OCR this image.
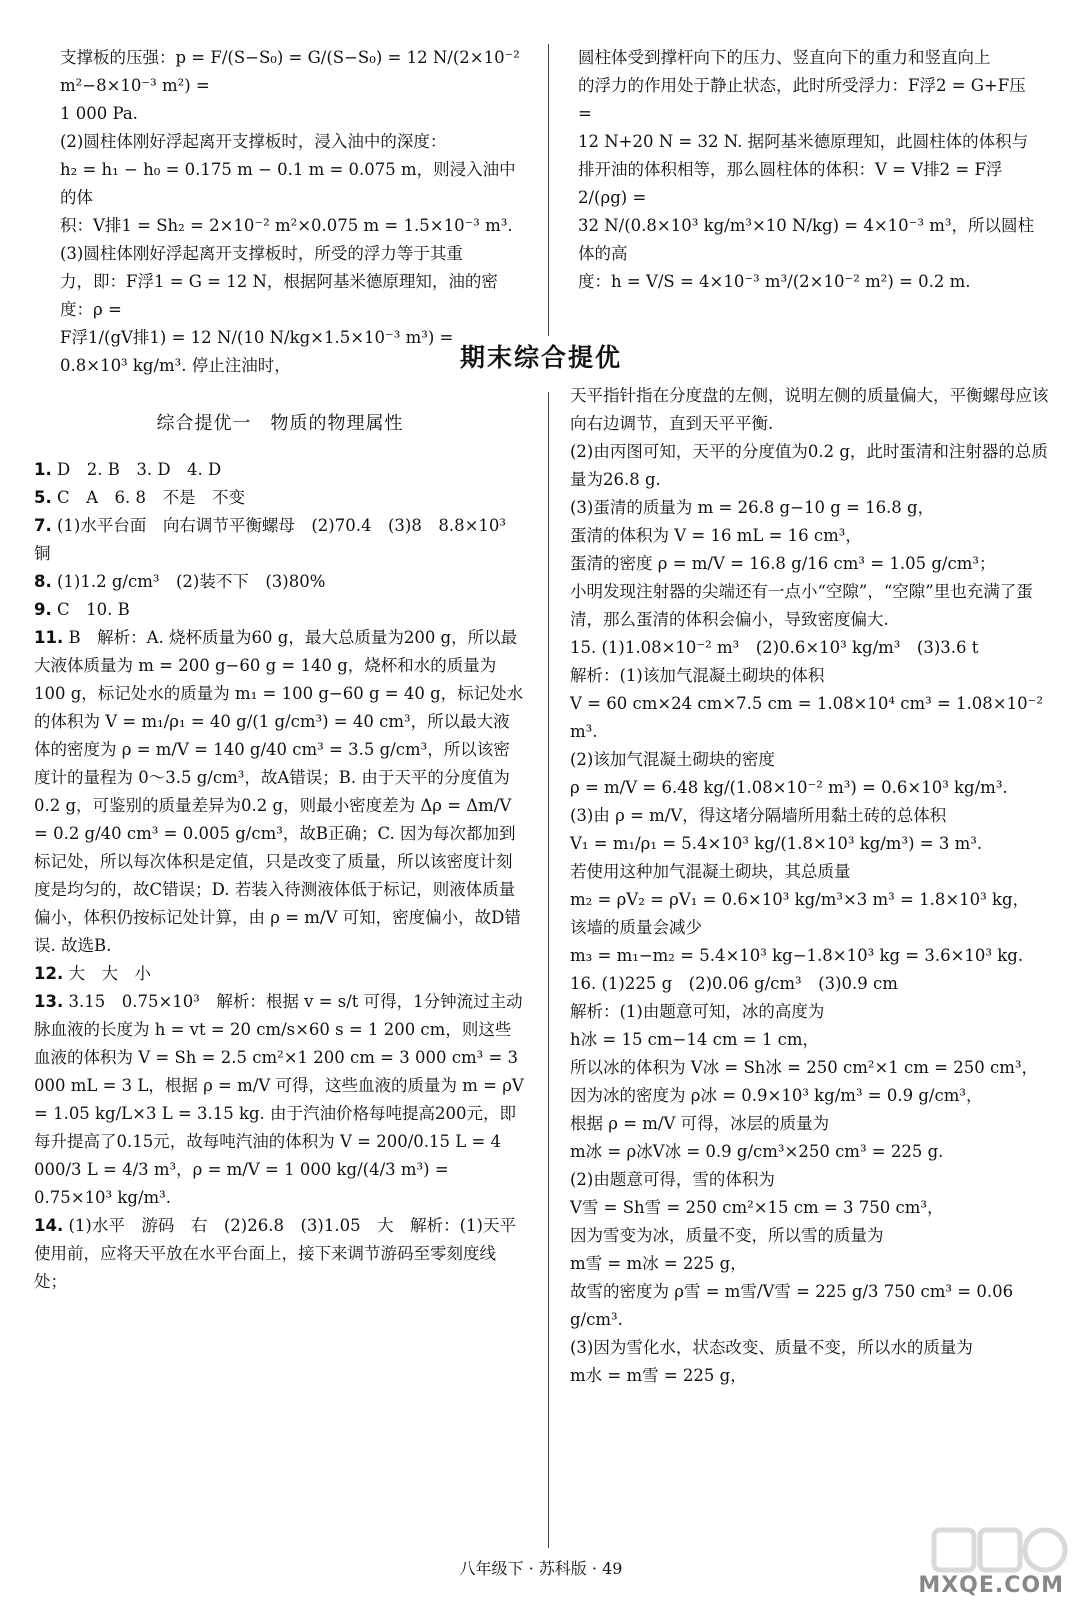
支撑板的压强：p = F/(S−S₀) = G/(S−S₀) = 12 N/(2×10⁻² m²−8×10⁻³ m²) =

1 000 Pa.

(2)圆柱体刚好浮起离开支撑板时，浸入油中的深度：

h₂ = h₁ − h₀ = 0.175 m − 0.1 m = 0.075 m，则浸入油中的体

积：V排1 = Sh₂ = 2×10⁻² m²×0.075 m = 1.5×10⁻³ m³.

(3)圆柱体刚好浮起离开支撑板时，所受的浮力等于其重

力，即：F浮1 = G = 12 N，根据阿基米德原理知，油的密度：ρ =

F浮1/(gV排1) = 12 N/(10 N/kg×1.5×10⁻³ m³) = 0.8×10³ kg/m³. 停止注油时，

圆柱体受到撑杆向下的压力、竖直向下的重力和竖直向上

的浮力的作用处于静止状态，此时所受浮力：F浮2 = G+F压 =

12 N+20 N = 32 N. 据阿基米德原理知，此圆柱体的体积与

排开油的体积相等，那么圆柱体的体积：V = V排2 = F浮2/(ρg) =

32 N/(0.8×10³ kg/m³×10 N/kg) = 4×10⁻³ m³，所以圆柱体的高

度：h = V/S = 4×10⁻³ m³/(2×10⁻² m²) = 0.2 m.

期末综合提优

综合提优一　物质的物理属性

1. D　2. B　3. D　4. D

5. C　A　6. 8　不是　不变

7. (1)水平台面　向右调节平衡螺母　(2)70.4　(3)8　8.8×10³　铜

8. (1)1.2 g/cm³　(2)装不下　(3)80%

9. C　10. B

11. B　解析：A. 烧杯质量为60 g，最大总质量为200 g，所以最大液体质量为 m = 200 g−60 g = 140 g，烧杯和水的质量为100 g，标记处水的质量为 m₁ = 100 g−60 g = 40 g，标记处水的体积为 V = m₁/ρ₁ = 40 g/(1 g/cm³) = 40 cm³，所以最大液体的密度为 ρ = m/V = 140 g/40 cm³ = 3.5 g/cm³，所以该密度计的量程为 0～3.5 g/cm³，故A错误；B. 由于天平的分度值为0.2 g，可鉴别的质量差异为0.2 g，则最小密度差为 Δρ = Δm/V = 0.2 g/40 cm³ = 0.005 g/cm³，故B正确；C. 因为每次都加到标记处，所以每次体积是定值，只是改变了质量，所以该密度计刻度是均匀的，故C错误；D. 若装入待测液体低于标记，则液体质量偏小，体积仍按标记处计算，由 ρ = m/V 可知，密度偏小，故D错误. 故选B.

12. 大　大　小

13. 3.15　0.75×10³　解析：根据 v = s/t 可得，1分钟流过主动脉血液的长度为 h = vt = 20 cm/s×60 s = 1 200 cm，则这些血液的体积为 V = Sh = 2.5 cm²×1 200 cm = 3 000 cm³ = 3 000 mL = 3 L，根据 ρ = m/V 可得，这些血液的质量为 m = ρV = 1.05 kg/L×3 L = 3.15 kg. 由于汽油价格每吨提高200元，即每升提高了0.15元，故每吨汽油的体积为 V = 200/0.15 L = 4 000/3 L = 4/3 m³，ρ = m/V = 1 000 kg/(4/3 m³) = 0.75×10³ kg/m³.

14. (1)水平　游码　右　(2)26.8　(3)1.05　大　解析：(1)天平使用前，应将天平放在水平台面上，接下来调节游码至零刻度线处；

天平指针指在分度盘的左侧，说明左侧的质量偏大，平衡螺母应该向右边调节，直到天平平衡.

(2)由丙图可知，天平的分度值为0.2 g，此时蛋清和注射器的总质量为26.8 g.

(3)蛋清的质量为 m = 26.8 g−10 g = 16.8 g，

蛋清的体积为 V = 16 mL = 16 cm³，

蛋清的密度 ρ = m/V = 16.8 g/16 cm³ = 1.05 g/cm³；

小明发现注射器的尖端还有一点小“空隙”，“空隙”里也充满了蛋清，那么蛋清的体积会偏小，导致密度偏大.

15. (1)1.08×10⁻² m³　(2)0.6×10³ kg/m³　(3)3.6 t

解析：(1)该加气混凝土砌块的体积

V = 60 cm×24 cm×7.5 cm = 1.08×10⁴ cm³ = 1.08×10⁻² m³.

(2)该加气混凝土砌块的密度

ρ = m/V = 6.48 kg/(1.08×10⁻² m³) = 0.6×10³ kg/m³.

(3)由 ρ = m/V，得这堵分隔墙所用黏土砖的总体积

V₁ = m₁/ρ₁ = 5.4×10³ kg/(1.8×10³ kg/m³) = 3 m³.

若使用这种加气混凝土砌块，其总质量

m₂ = ρV₂ = ρV₁ = 0.6×10³ kg/m³×3 m³ = 1.8×10³ kg，

该墙的质量会减少

m₃ = m₁−m₂ = 5.4×10³ kg−1.8×10³ kg = 3.6×10³ kg.

16. (1)225 g　(2)0.06 g/cm³　(3)0.9 cm

解析：(1)由题意可知，冰的高度为

h冰 = 15 cm−14 cm = 1 cm，

所以冰的体积为 V冰 = Sh冰 = 250 cm²×1 cm = 250 cm³，

因为冰的密度为 ρ冰 = 0.9×10³ kg/m³ = 0.9 g/cm³，

根据 ρ = m/V 可得，冰层的质量为

m冰 = ρ冰V冰 = 0.9 g/cm³×250 cm³ = 225 g.

(2)由题意可得，雪的体积为

V雪 = Sh雪 = 250 cm²×15 cm = 3 750 cm³，

因为雪变为冰，质量不变，所以雪的质量为

m雪 = m冰 = 225 g，

故雪的密度为 ρ雪 = m雪/V雪 = 225 g/3 750 cm³ = 0.06 g/cm³.

(3)因为雪化水，状态改变、质量不变，所以水的质量为

m水 = m雪 = 225 g，

八年级下 · 苏科版 · 49
MXQE.COM
